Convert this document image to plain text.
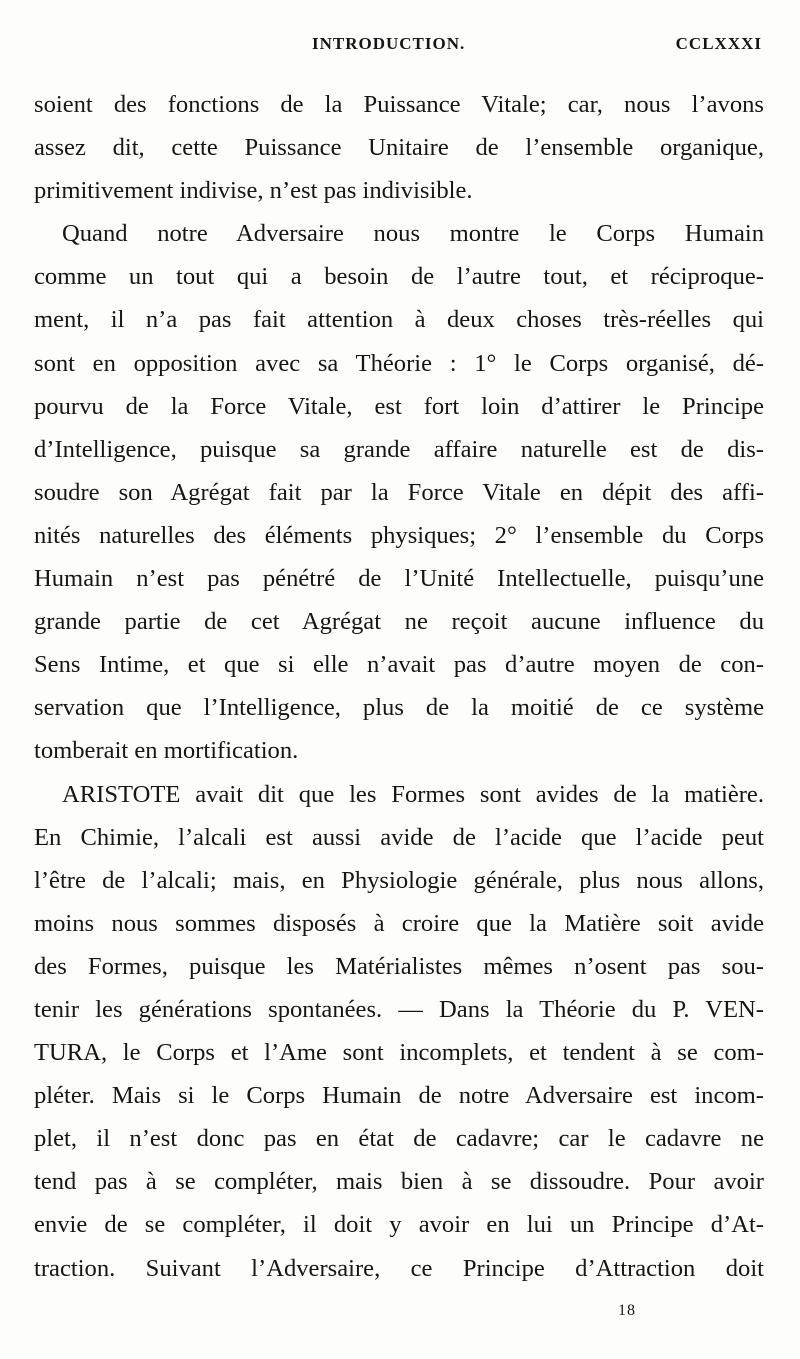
INTRODUCTION.	CCLXXXI
soient des fonctions de la Puissance Vitale; car, nous l’avons
assez dit, cette Puissance Unitaire de l’ensemble organique,
primitivement indivise, n’est pas indivisible.
Quand notre Adversaire nous montre le Corps Humain
comme un tout qui a besoin de l’autre tout, et réciproque-
ment, il n’a pas fait attention à deux choses très-réelles qui
sont en opposition avec sa Théorie : 1° le Corps organisé, dé-
pourvu de la Force Vitale, est fort loin d’attirer le Principe
d’Intelligence, puisque sa grande affaire naturelle est de dis-
soudre son Agrégat fait par la Force Vitale en dépit des affi-
nités naturelles des éléments physiques; 2° l’ensemble du Corps
Humain n’est pas pénétré de l’Unité Intellectuelle, puisqu’une
grande partie de cet Agrégat ne reçoit aucune influence du
Sens Intime, et que si elle n’avait pas d’autre moyen de con-
servation que l’Intelligence, plus de la moitié de ce système
tomberait en mortification.
ARISTOTE avait dit que les Formes sont avides de la matière.
En Chimie, l’alcali est aussi avide de l’acide que l’acide peut
l’être de l’alcali; mais, en Physiologie générale, plus nous allons,
moins nous sommes disposés à croire que la Matière soit avide
des Formes, puisque les Matérialistes mêmes n’osent pas sou-
tenir les générations spontanées. — Dans la Théorie du P. VEN-
TURA, le Corps et l’Ame sont incomplets, et tendent à se com-
pléter. Mais si le Corps Humain de notre Adversaire est incom-
plet, il n’est donc pas en état de cadavre; car le cadavre ne
tend pas à se compléter, mais bien à se dissoudre. Pour avoir
envie de se compléter, il doit y avoir en lui un Principe d’At-
traction. Suivant l’Adversaire, ce Principe d’Attraction doit
18
